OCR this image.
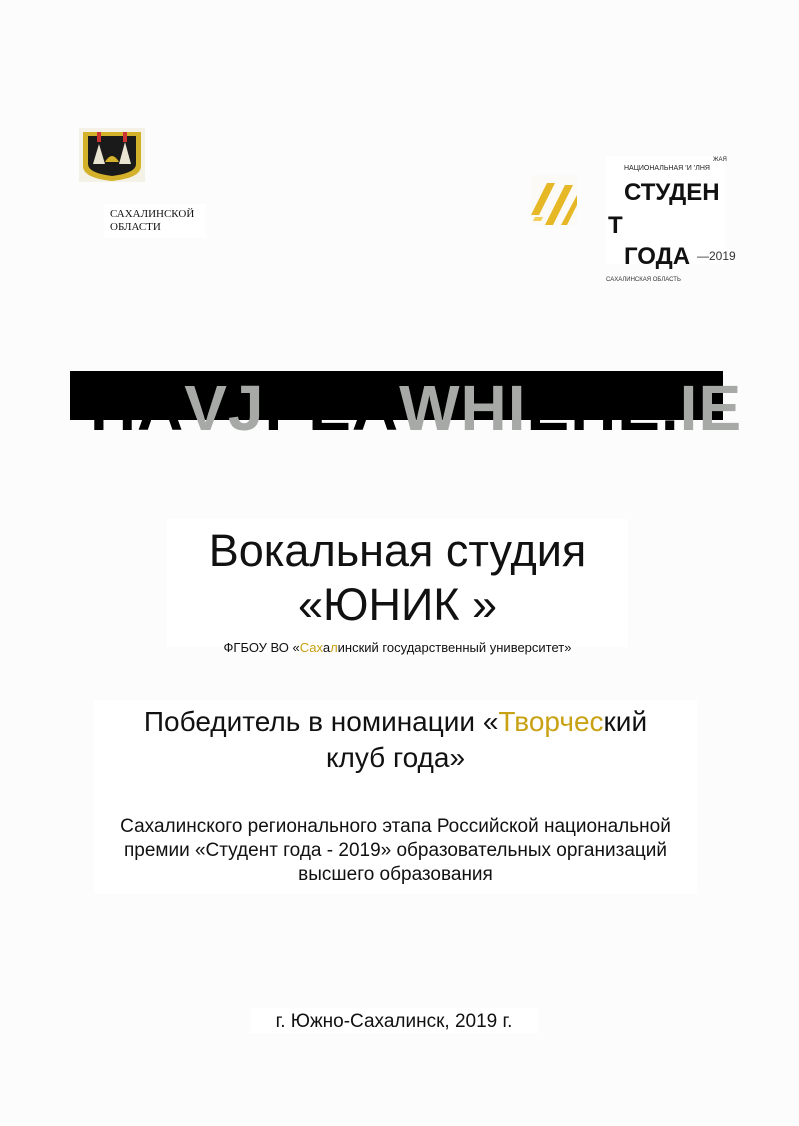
САХАЛИНСКОЙ
ОБЛАСТИ
ЖАЯ
НАЦИОНАЛЬНАЯ ’И ’ЛНЯ
СТУДЕН
Т
ГОДА —2019
САХАЛИНСКАЯ ОБЛАСТЬ
ПАVJРЕАWНIЕПЕ.IЕ
Вокальная студия
«ЮНИК »
ФГБОУ ВО «Сахалинский государственный университет»
Победитель в номинации «Творческий
клуб года»
Сахалинского регионального этапа Российской национальной
премии «Студент года - 2019» образовательных организаций
высшего образования
г. Южно-Сахалинск, 2019 г.
